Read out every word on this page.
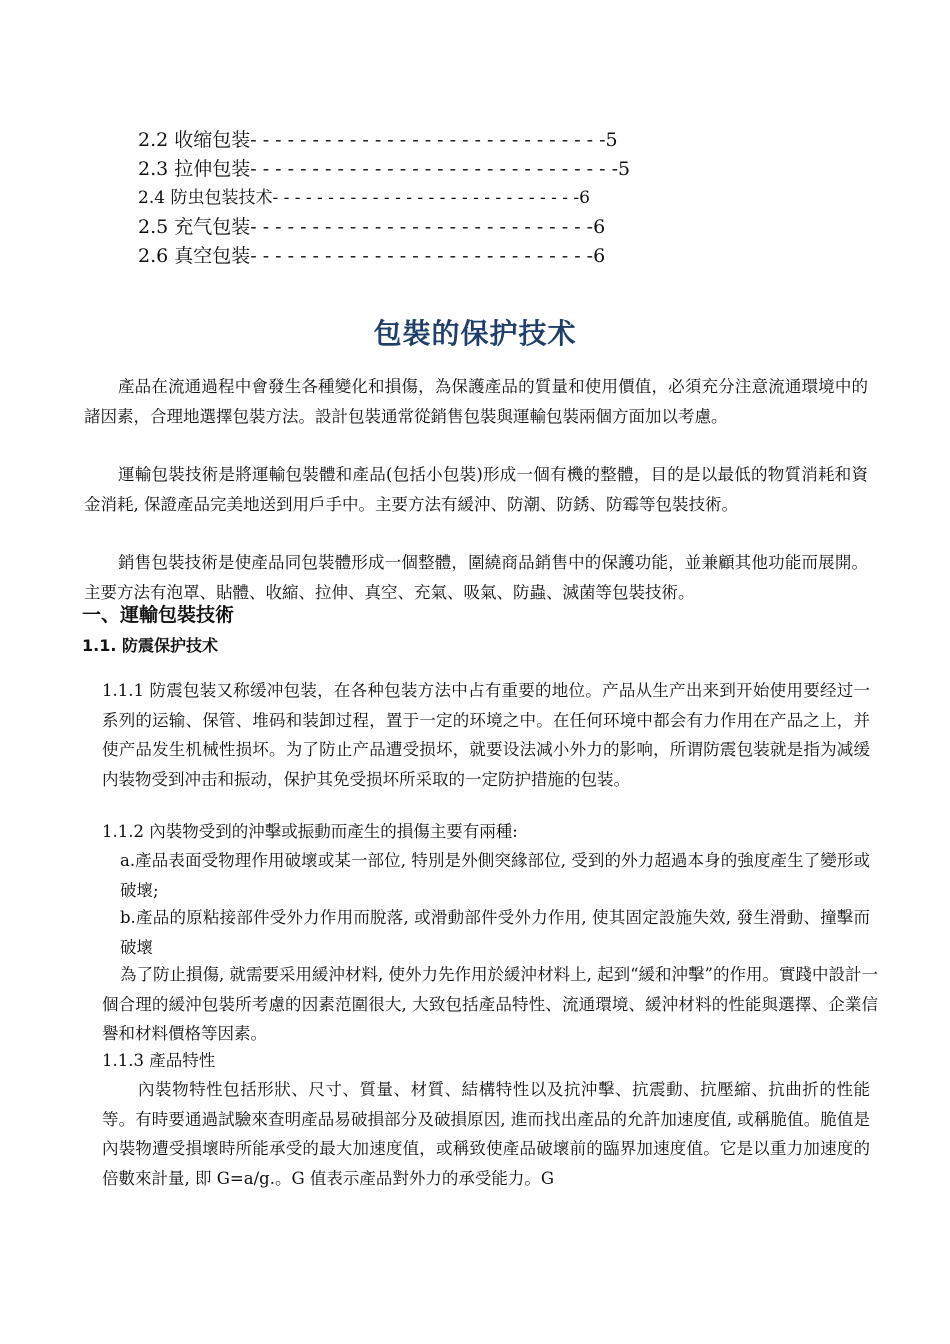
2.2 收缩包装- - - - - - - - - - - - - - - - - - - - - - - - - - - - -5
2.3 拉伸包装- - - - - - - - - - - - - - - - - - - - - - - - - - - - - -5
2.4 防虫包装技术- - - - - - - - - - - - - - - - - - - - - - - - - - - -6
2.5 充气包装- - - - - - - - - - - - - - - - - - - - - - - - - - - -6
2.6 真空包装- - - - - - - - - - - - - - - - - - - - - - - - - - - -6
包裝的保护技术

產品在流通過程中會發生各種變化和損傷，為保護產品的質量和使用價值，必須充分注意流通環境中的諸因素，合理地選擇包裝方法。設計包裝通常從銷售包裝與運輸包裝兩個方面加以考慮。

運輸包裝技術是將運輸包裝體和產品(包括小包裝)形成一個有機的整體，目的是以最低的物質消耗和資金消耗, 保證產品完美地送到用戶手中。主要方法有緩沖、防潮、防銹、防霉等包裝技術。

銷售包裝技術是使產品同包裝體形成一個整體，圍繞商品銷售中的保護功能，並兼顧其他功能而展開。主要方法有泡罩、貼體、收縮、拉伸、真空、充氣、吸氣、防蟲、滅菌等包裝技術。

一、運輸包裝技術
1.1. 防震保护技术

1.1.1 防震包装又称缓冲包装，在各种包装方法中占有重要的地位。产品从生产出来到开始使用要经过一系列的运输、保管、堆码和装卸过程，置于一定的环境之中。在任何环境中都会有力作用在产品之上，并使产品发生机械性损坏。为了防止产品遭受损坏，就要设法减小外力的影响，所谓防震包装就是指为减缓内装物受到冲击和振动，保护其免受损坏所采取的一定防护措施的包装。

1.1.2 內裝物受到的沖擊或振動而產生的損傷主要有兩種:

a.產品表面受物理作用破壞或某一部位, 特別是外側突緣部位, 受到的外力超過本身的強度產生了變形或破壞;

b.產品的原粘接部件受外力作用而脫落, 或滑動部件受外力作用, 使其固定設施失效, 發生滑動、撞擊而破壞

為了防止損傷, 就需要采用緩沖材料, 使外力先作用於緩沖材料上, 起到“緩和沖擊”的作用。實踐中設計一個合理的緩沖包裝所考慮的因素范圍很大, 大致包括產品特性、流通環境、緩沖材料的性能與選擇、企業信譽和材料價格等因素。

1.1.3 產品特性

內裝物特性包括形狀、尺寸、質量、材質、結構特性以及抗沖擊、抗震動、抗壓縮、抗曲折的性能等。有時要通過試驗來查明產品易破損部分及破損原因, 進而找出產品的允許加速度值, 或稱脆值。脆值是內裝物遭受損壞時所能承受的最大加速度值，或稱致使產品破壞前的臨界加速度值。它是以重力加速度的倍數來計量, 即 G=a/g.。G 值表示產品對外力的承受能力。G
